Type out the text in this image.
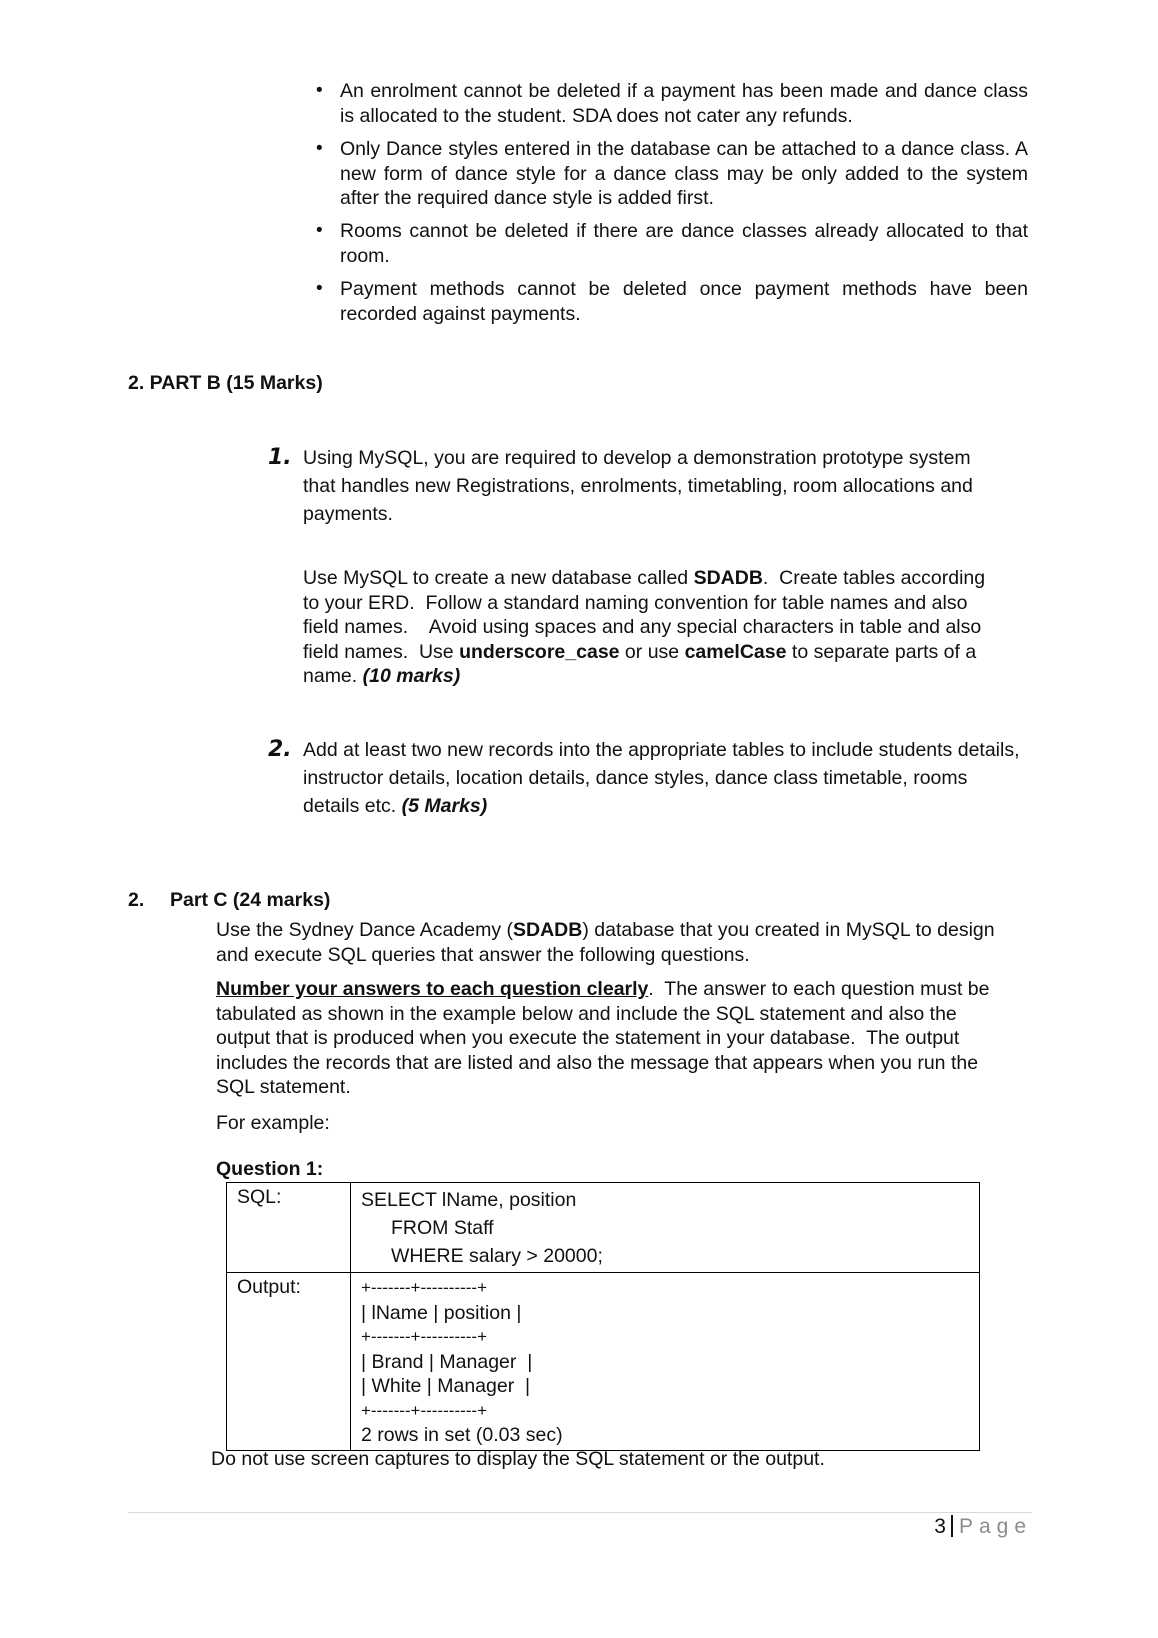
• An enrolment cannot be deleted if a payment has been made and dance class is allocated to the student. SDA does not cater any refunds.
• Only Dance styles entered in the database can be attached to a dance class. A new form of dance style for a dance class may be only added to the system after the required dance style is added first.
• Rooms cannot be deleted if there are dance classes already allocated to that room.
• Payment methods cannot be deleted once payment methods have been recorded against payments.
2. PART B (15 Marks)
1. Using MySQL, you are required to develop a demonstration prototype system that handles new Registrations, enrolments, timetabling, room allocations and payments.
Use MySQL to create a new database called SDADB.  Create tables according to your ERD.  Follow a standard naming convention for table names and also field names.    Avoid using spaces and any special characters in table and also field names.  Use underscore_case or use camelCase to separate parts of a name. (10 marks)
2. Add at least two new records into the appropriate tables to include students details, instructor details, location details, dance styles, dance class timetable, rooms details etc. (5 Marks)
2. Part C (24 marks)
Use the Sydney Dance Academy (SDADB) database that you created in MySQL to design and execute SQL queries that answer the following questions.
Number your answers to each question clearly.  The answer to each question must be tabulated as shown in the example below and include the SQL statement and also the output that is produced when you execute the statement in your database.  The output includes the records that are listed and also the message that appears when you run the SQL statement.
For example:
Question 1:
SQL:	SELECT lName, position
FROM Staff
WHERE salary > 20000;

Output:	+-------+----------+
| lName | position |
+-------+----------+
| Brand | Manager  |
| White | Manager  |
+-------+----------+
2 rows in set (0.03 sec)
Do not use screen captures to display the SQL statement or the output.
3 Page
